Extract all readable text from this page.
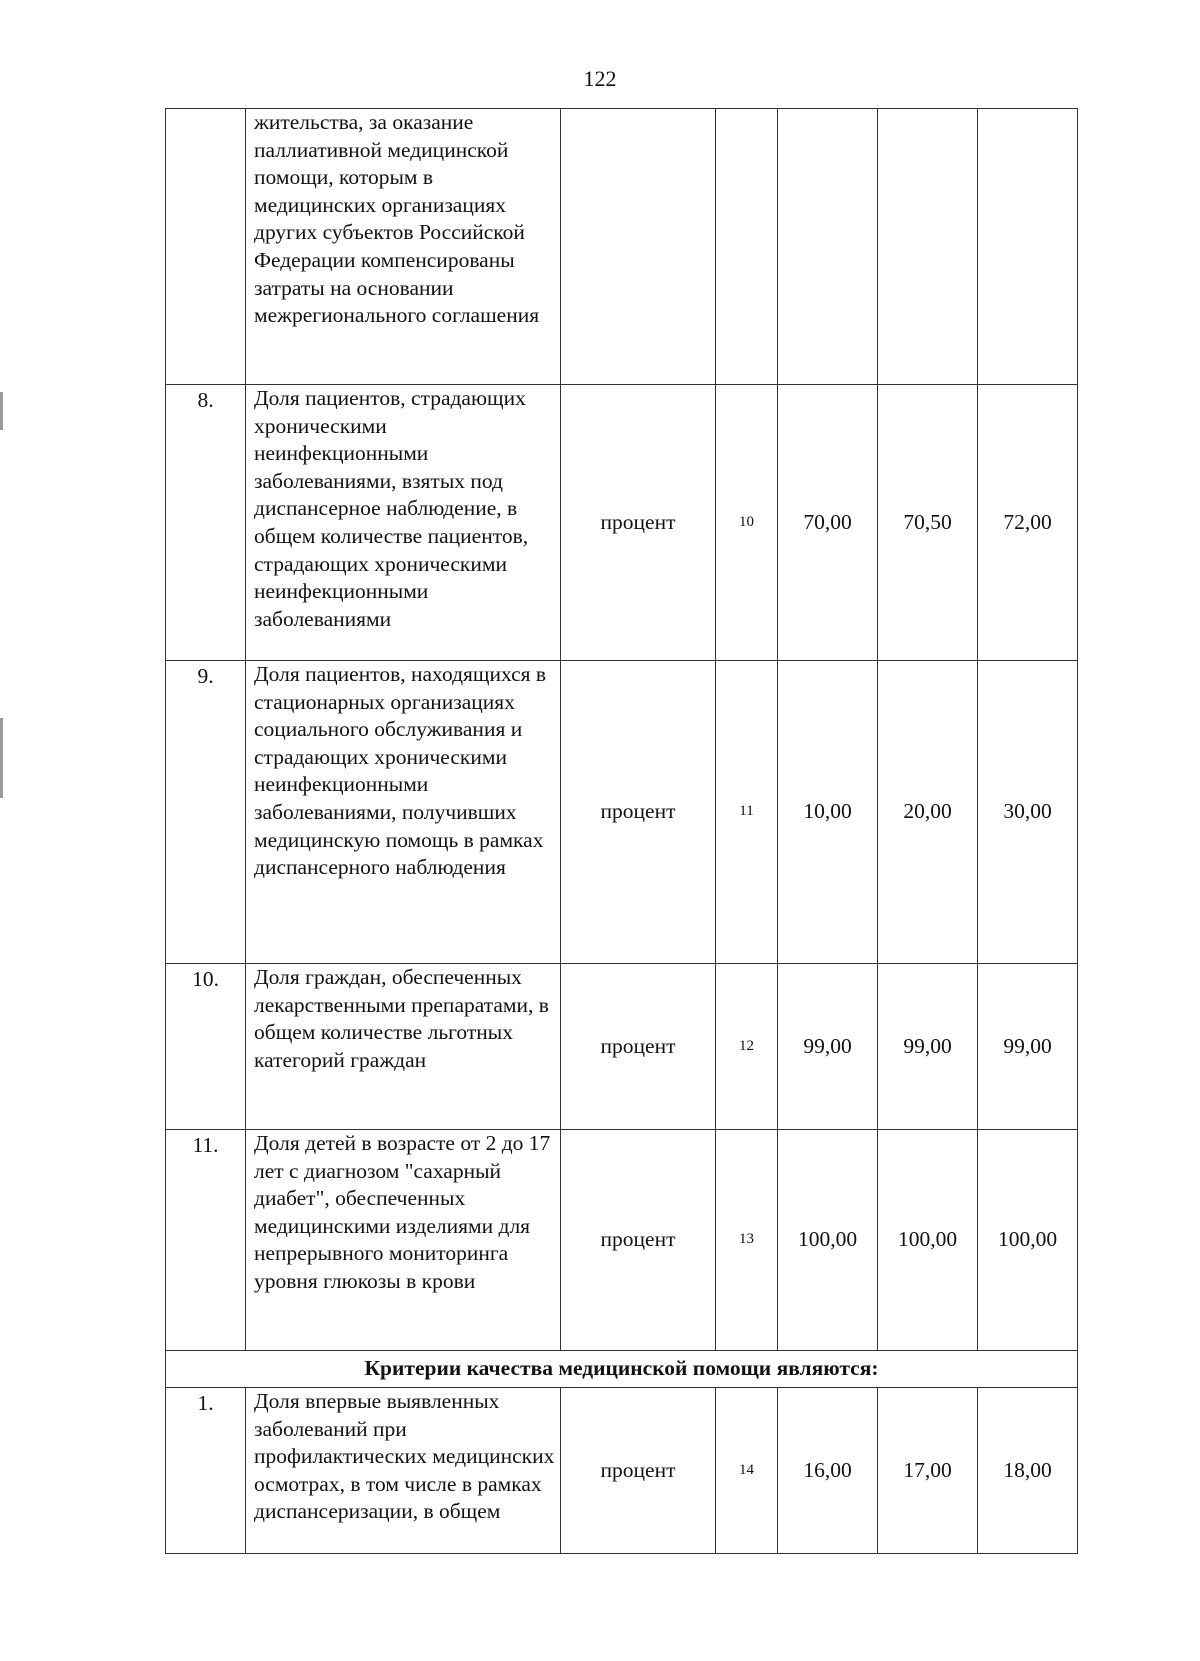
122
	жительства, за оказание паллиативной медицинской помощи, которым в медицинских организациях других субъектов Российской Федерации компенсированы затраты на основании межрегионального соглашения					
8.	Доля пациентов, страдающих хроническими неинфекционными заболеваниями, взятых под диспансерное наблюдение, в общем количестве пациентов, страдающих хроническими неинфекционными заболеваниями	процент	10	70,00	70,50	72,00
9.	Доля пациентов, находящихся в стационарных организациях социального обслуживания и страдающих хроническими неинфекционными заболеваниями, получивших медицинскую помощь в рамках диспансерного наблюдения	процент	11	10,00	20,00	30,00
10.	Доля граждан, обеспеченных лекарственными препаратами, в общем количестве льготных категорий граждан	процент	12	99,00	99,00	99,00
11.	Доля детей в возрасте от 2 до 17 лет с диагнозом "сахарный диабет", обеспеченных медицинскими изделиями для непрерывного мониторинга уровня глюкозы в крови	процент	13	100,00	100,00	100,00
Критерии качества медицинской помощи являются:						
1.	Доля впервые выявленных заболеваний при профилактических медицинских осмотрах, в том числе в рамках диспансеризации, в общем	процент	14	16,00	17,00	18,00
